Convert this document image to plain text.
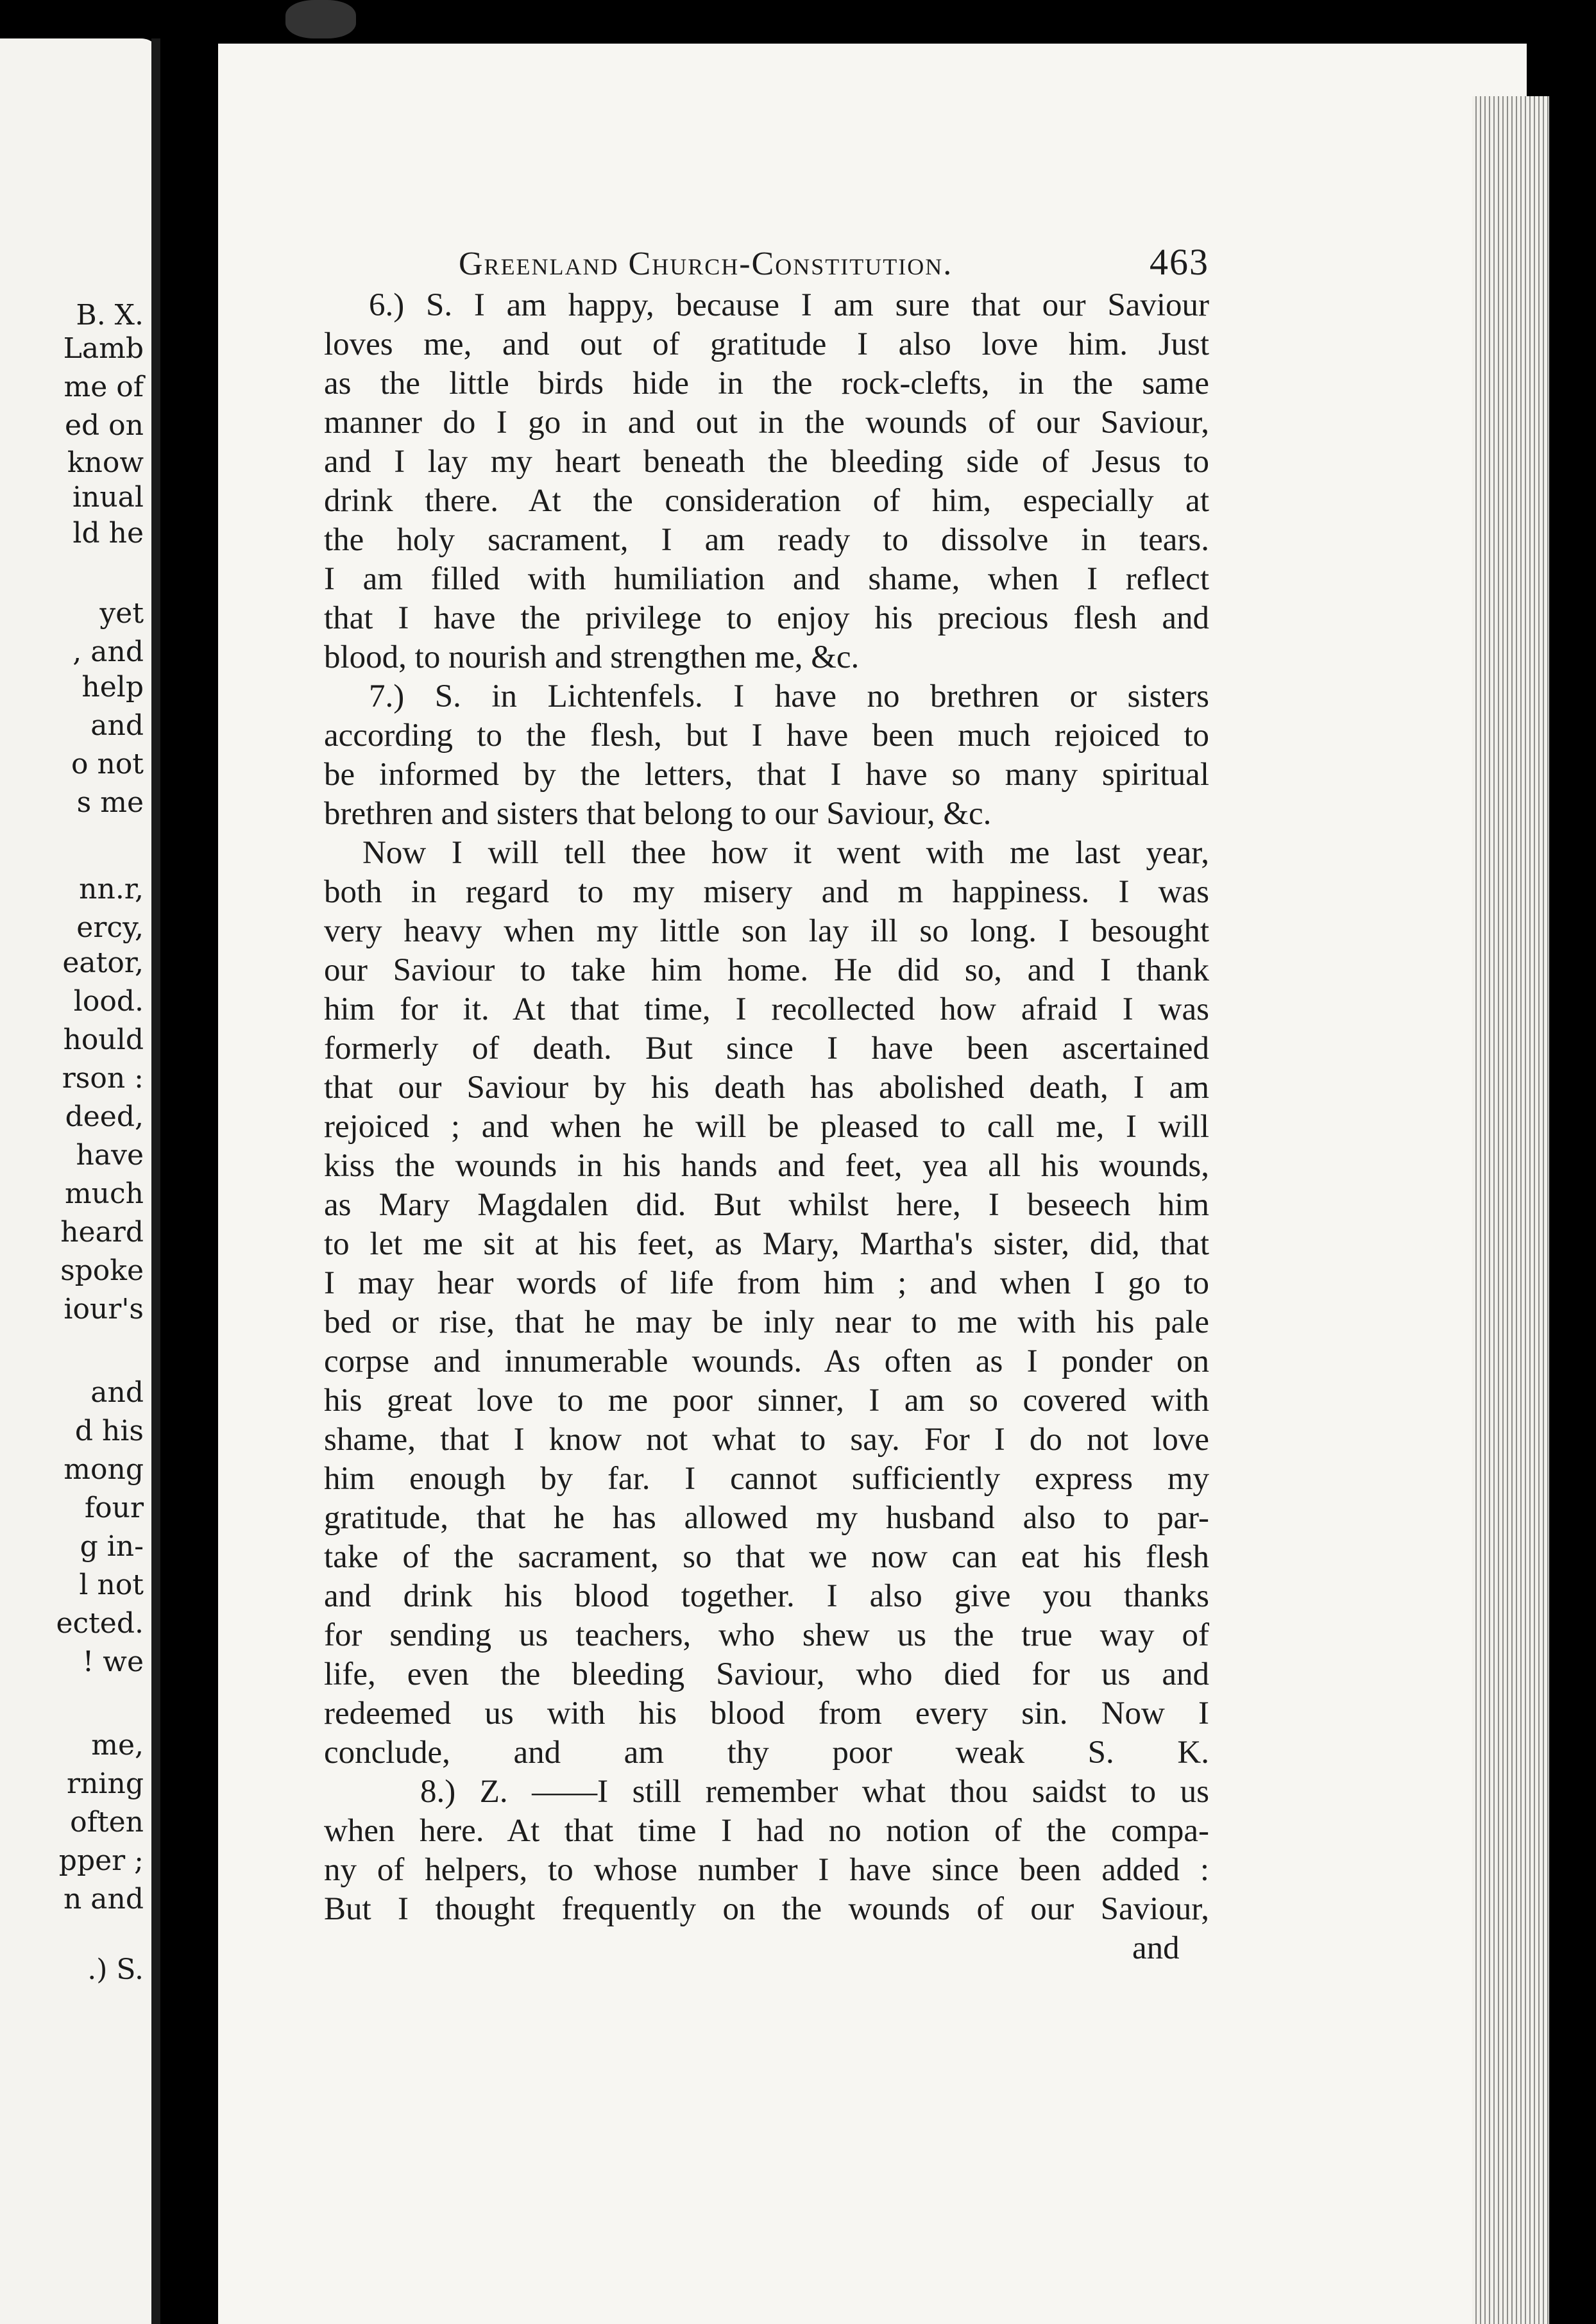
B. X.
Lamb
me of
ed on
know
inual
ld he
yet
, and
help
and
o not
s me
nn.r,
ercy,
eator,
lood.
hould
rson :
deed,
have
much
heard
spoke
iour's
and
d his
mong
four
g in-
l not
ected.
! we
me,
rning
often
pper ;
n and
.) S.
Greenland Church-Constitution.	463
6.) S. I am happy, because I am sure that our Saviour
loves me, and out of gratitude I also love him. Just
as the little birds hide in the rock-clefts, in the same
manner do I go in and out in the wounds of our Saviour,
and I lay my heart beneath the bleeding side of Jesus to
drink there. At the consideration of him, especially at
the holy sacrament, I am ready to dissolve in tears.
I am filled with humiliation and shame, when I reflect
that I have the privilege to enjoy his precious flesh and
blood, to nourish and strengthen me, &c.
7.) S. in Lichtenfels. I have no brethren or sisters
according to the flesh, but I have been much rejoiced to
be informed by the letters, that I have so many spiritual
brethren and sisters that belong to our Saviour, &c.
Now I will tell thee how it went with me last year,
both in regard to my misery and m happiness. I was
very heavy when my little son lay ill so long. I besought
our Saviour to take him home. He did so, and I thank
him for it. At that time, I recollected how afraid I was
formerly of death. But since I have been ascertained
that our Saviour by his death has abolished death, I am
rejoiced ; and when he will be pleased to call me, I will
kiss the wounds in his hands and feet, yea all his wounds,
as Mary Magdalen did. But whilst here, I beseech him
to let me sit at his feet, as Mary, Martha's sister, did, that
I may hear words of life from him ; and when I go to
bed or rise, that he may be inly near to me with his pale
corpse and innumerable wounds. As often as I ponder on
his great love to me poor sinner, I am so covered with
shame, that I know not what to say. For I do not love
him enough by far. I cannot sufficiently express my
gratitude, that he has allowed my husband also to par-
take of the sacrament, so that we now can eat his flesh
and drink his blood together. I also give you thanks
for sending us teachers, who shew us the true way of
life, even the bleeding Saviour, who died for us and
redeemed us with his blood from every sin. Now I
conclude, and am thy poor weak S. K.
8.) Z. ——I still remember what thou saidst to us
when here. At that time I had no notion of the compa-
ny of helpers, to whose number I have since been added :
But I thought frequently on the wounds of our Saviour,
and
